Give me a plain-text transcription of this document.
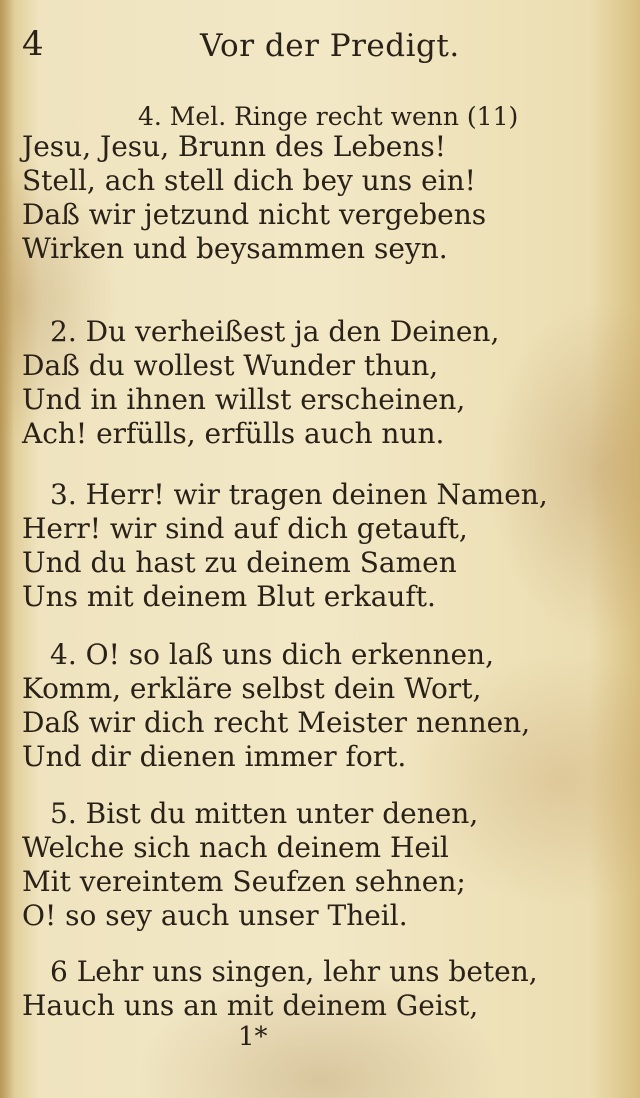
4	Vor der Predigt.
4. Mel. Ringe recht wenn (11)
Jesu, Jesu, Brunn des Lebens!
Stell, ach stell dich bey uns ein!
Daß wir jetzund nicht vergebens
Wirken und beysammen seyn.
2. Du verheißest ja den Deinen,
Daß du wollest Wunder thun,
Und in ihnen willst erscheinen,
Ach! erfülls, erfülls auch nun.
3. Herr! wir tragen deinen Namen,
Herr! wir sind auf dich getauft,
Und du hast zu deinem Samen
Uns mit deinem Blut erkauft.
4. O! so laß uns dich erkennen,
Komm, erkläre selbst dein Wort,
Daß wir dich recht Meister nennen,
Und dir dienen immer fort.
5. Bist du mitten unter denen,
Welche sich nach deinem Heil
Mit vereintem Seufzen sehnen;
O! so sey auch unser Theil.
6 Lehr uns singen, lehr uns beten,
Hauch uns an mit deinem Geist,
1*
